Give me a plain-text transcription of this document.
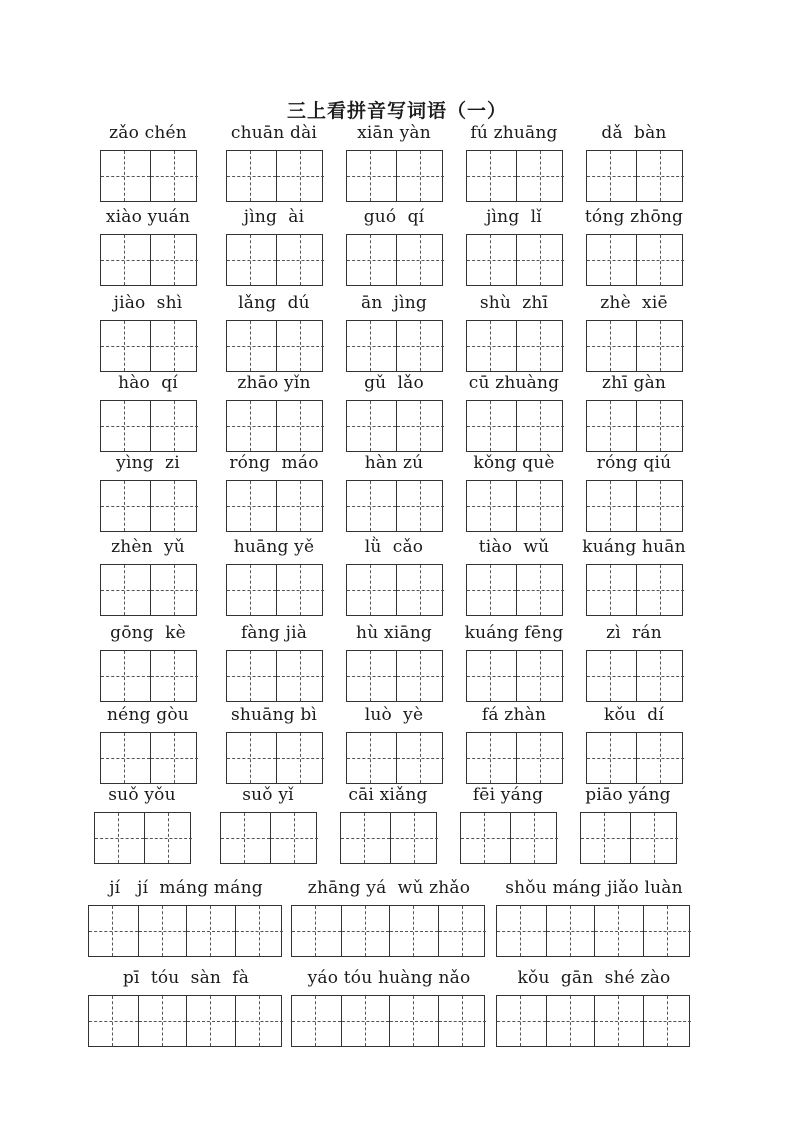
三上看拼音写词语（一）
zǎo chén	chuān dài	xiān yàn	fú zhuāng	dǎ  bàn
xiào yuán	jìng  ài	guó  qí	jìng  lǐ	tóng zhōng
jiào  shì	lǎng  dú	ān  jìng	shù  zhī	zhè  xiē
hào  qí	zhāo yǐn	gǔ  lǎo	cū zhuàng	zhī gàn
yìng  zi	róng  máo	hàn zú	kǒng què	róng qiú
zhèn  yǔ	huāng yě	lǜ  cǎo	tiào  wǔ	kuáng huān
gōng  kè	fàng jià	hù xiāng	kuáng fēng	zì  rán
néng gòu	shuāng bì	luò  yè	fá zhàn	kǒu  dí
suǒ yǒu	suǒ yǐ	cāi xiǎng	fēi yáng	piāo yáng
jí   jí  máng máng	zhāng yá  wǔ zhǎo	shǒu máng jiǎo luàn
pī  tóu  sàn  fà	yáo tóu huàng nǎo	kǒu  gān  shé zào
